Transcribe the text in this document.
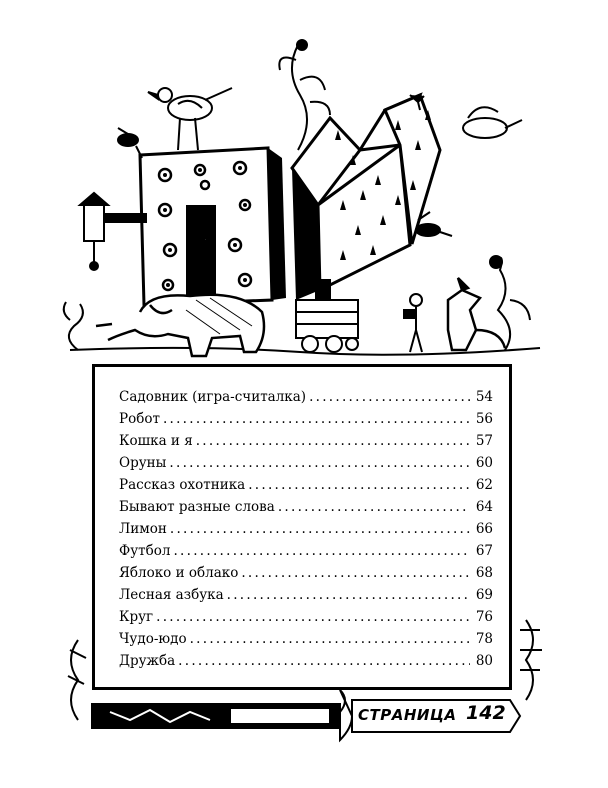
Н
И
Садовник (игра-считалка) . . .	54
Робот . . .	56
Кошка и я . . .	57
Оруны . . .	60
Рассказ охотника . . .	62
Бывают разные слова . . .	64
Лимон . . .	66
Футбол . . .	67
Яблоко и облако . . .	68
Лесная азбука . . .	69
Круг . . .	76
Чудо-юдо . . .	78
Дружба . . .	80
СТРАНИЦА 142
